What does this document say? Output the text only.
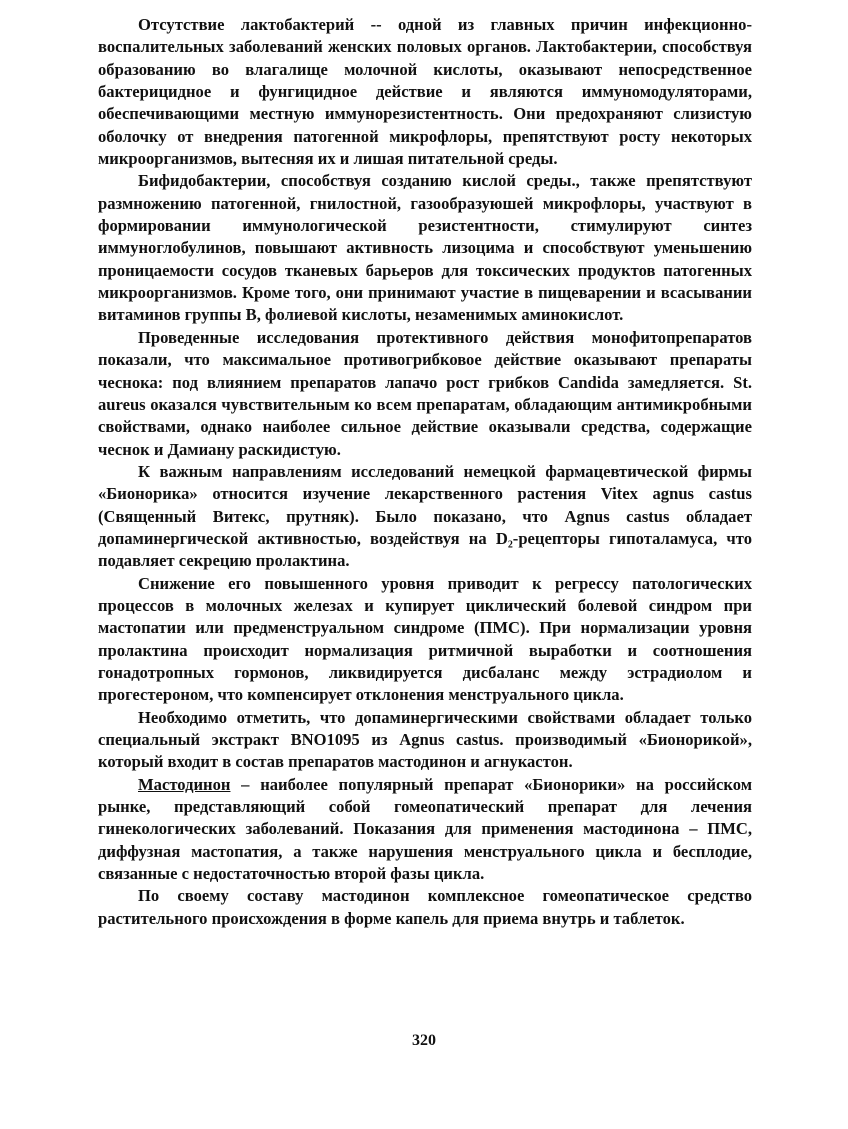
Отсутствие лактобактерий -- одной из главных причин инфекционно-воспалительных заболеваний женских половых органов. Лактобактерии, способствуя образованию во влагалище молочной кислоты, оказывают непосредственное бактерицидное и фунгицидное действие и являются иммуномодуляторами, обеспечивающими местную иммунорезистентность. Они предохраняют слизистую оболочку от внедрения патогенной микрофлоры, препятствуют росту некоторых микроорганизмов, вытесняя их и лишая питательной среды.

Бифидобактерии, способствуя созданию кислой среды., также препятствуют размножению патогенной, гнилостной, газообразуюшей микрофлоры, участвуют в формировании иммунологической резистентности, стимулируют синтез иммуноглобулинов, повышают активность лизоцима и способствуют уменьшению проницаемости сосудов тканевых барьеров для токсических продуктов патогенных микроорганизмов. Кроме того, они принимают участие в пищеварении и всасывании витаминов группы В, фолиевой кислоты, незаменимых аминокислот.

Проведенные исследования протективного действия монофитопрепаратов показали, что максимальное противогрибковое действие оказывают препараты чеснока: под влиянием препаратов лапачо рост грибков Candida замедляется. St. aureus оказался чувствительным ко всем препаратам, обладающим антимикробными свойствами, однако наиболее сильное действие оказывали средства, содержащие чеснок и Дамиану раскидистую.

К важным направлениям исследований немецкой фармацевтической фирмы «Бионорика» относится изучение лекарственного растения Vitex agnus castus (Священный Витекс, прутняк). Было показано, что Agnus castus обладает допаминергической активностью, воздействуя на D₂-рецепторы гипоталамуса, что подавляет секрецию пролактина.

Снижение его повышенного уровня приводит к регрессу патологических процессов в молочных железах и купирует циклический болевой синдром при мастопатии или предменструальном синдроме (ПМС). При нормализации уровня пролактина происходит нормализация ритмичной выработки и соотношения гонадотропных гормонов, ликвидируется дисбаланс между эстрадиолом и прогестероном, что компенсирует отклонения менструального цикла.

Необходимо отметить, что допаминергическими свойствами обладает только специальный экстракт BNO1095 из Agnus castus. производимый «Бионорикой», который входит в состав препаратов мастодинон и агнукастон.

Мастодинон – наиболее популярный препарат «Бионорики» на российском рынке, представляющий собой гомеопатический препарат для лечения гинекологических заболеваний. Показания для применения мастодинона – ПМС, диффузная мастопатия, а также нарушения менструального цикла и бесплодие, связанные с недостаточностью второй фазы цикла.

По своему составу мастодинон комплексное гомеопатическое средство растительного происхождения в форме капель для приема внутрь и таблеток.

320
